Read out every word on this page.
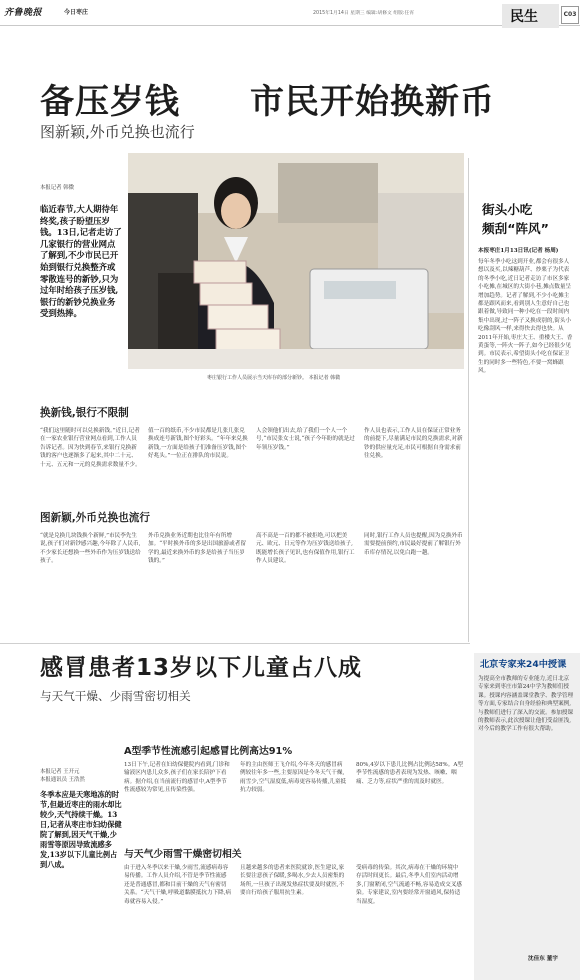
齐鲁晚报	今日枣庄	2015年1月14日 星期三 编辑:胡修文 组版:任宵	民生	C03
备压岁钱 市民开始换新币
图新颖,外币兑换也流行
本报记者 韩微
临近春节,大人期待年终奖,孩子盼望压岁钱。13日,记者走访了几家银行的营业网点了解到,不少市民已开始到银行兑换整齐或零散连号的新钞,只为过年时给孩子压岁钱,银行的新钞兑换业务受到热捧。
枣庄银行工作人员展示当天库存的部分新钞。 本报记者 韩微
换新钱,银行不限制
“我们这里随时可以兑换新钱。”近日,记者在一家农业银行营业网点看到,工作人员告诉记者。因为快到春节,来银行兑换新钱的客户也逐渐多了起来,其中二十元、十元、五元和一元的兑换需求数量不少。
值一百的纸币,不少市民都是几张几张兑换成连号新钱,图个好彩头。“年年来兑换新钱,一方面是给孩子们准备压岁钱,图个好兆头。”一位正在排队的市民说。
人会领他们出去,给了我们一个人一个号,“市民张女士说,“孩子今年盼的就是过年领压岁钱。”
作人员也表示,工作人员在保证正常业务的前提下,尽量满足市民的兑换需求,对新钞的供应量充足,市民可根据自身需求前往兑换。
图新颖,外币兑换也流行
“就是兑换几块钱换个新鲜,”市民李先生说,孩子们对新钞感兴趣,今年除了人民币,不少家长还想换一些外币作为压岁钱送给孩子。
外币兑换业务近期也比往年有所增加。“平时换外币的多是出国旅游或者留学的,最近来换外币的多是给孩子当压岁钱的。”
高不高是一百的都不被拒绝,可以把美元、欧元、日元等作为压岁钱送给孩子,既能增长孩子见识,也有保值作用,银行工作人员建议。
同时,银行工作人员也提醒,因为兑换外币需要提前预约,市民最好提前了解银行外币库存情况,以免白跑一趟。
街头小吃
频刮“阵风”
本报枣庄1月13日讯(记者 杨周)
每年冬季小吃这到开业,都会有很多人想以及买,以辣糖葫芦、炒栗子为代表的冬季小吃,近日记者走访了市区多家小吃摊,在城区的大街小巷,摊点数量呈增加趋势。记者了解到,不少小吃摊主都是跟风而来,看到别人生意好自己也跟着做,导致同一种小吃在一段时间内集中出现,过一阵子又换成别的,街头小吃像刮风一样,来得快去得也快。从2011年开始,枣庄大王、重楼大王、香黄蛋等,一阵火一阵子,如今已经很少见到。市民表示,希望街头小吃在保证卫生的同时多一些特色,不要一窝蜂跟风。
感冒患者13岁以下儿童占八成
与天气干燥、少雨雪密切相关
本报记者 王开元
本报通讯员 王浩然
冬季本应是天寒地冻的时节,但最近枣庄的雨水却比较少,天气持续干燥。13日,记者从枣庄市妇幼保健院了解到,因天气干燥,少雨雪等原因导致流感多发,13岁以下儿童比例占到八成。
A型季节性流感引起感冒比例高达91%
13日下午,记者在妇幼保健院内看到,门诊和输液区内患儿众多,孩子们在家长陪护下看病。据介绍,在当前流行的感冒中,A型季节性流感较为常见,且传染性强。
年的主由医师王飞介绍,今年冬天的感冒病例较往年多一些,主要原因是今冬天气干燥,雨雪少,空气湿度低,病毒更容易传播,儿童抵抗力较弱。
80%,4岁以下患儿比例占比例达58%。A型季节性流感的患者表现为发热、咳嗽、咽痛、乏力等,症状严重的需及时就医。
与天气少雨雪干燥密切相关
由于进入冬季以来干燥,少雨雪,流感病毒容易传播。工作人员介绍,不管是季节性流感还是普通感冒,都和目前干燥的天气有密切关系。“天气干燥,呼吸道黏膜抵抗力下降,病毒就容易入侵。”
且越来越多的患者来医院就诊,医生建议,家长要注意孩子保暖,多喝水,少去人员密集的场所,一旦孩子出现发热症状要及时就医,不要自行给孩子服用抗生素。
受病毒的传染。其次,病毒在干燥的环境中存活时间更长。最后,冬季人们室内活动增多,门窗紧闭,空气流通不畅,容易造成交叉感染。专家建议,室内要经常开窗通风,保持适当湿度。
北京专家来24中授课
为提高全市教师的专业能力,近日北京专家来到枣庄市第24中学为教师们授课。授课内容涵盖课堂教学、教学管理等方面,专家结合自身经验和典型案例,与教师们进行了深入的交流。参加授课的教师表示,此次授课让他们受益匪浅,对今后的教学工作有很大帮助。
沈佳东 董宇
